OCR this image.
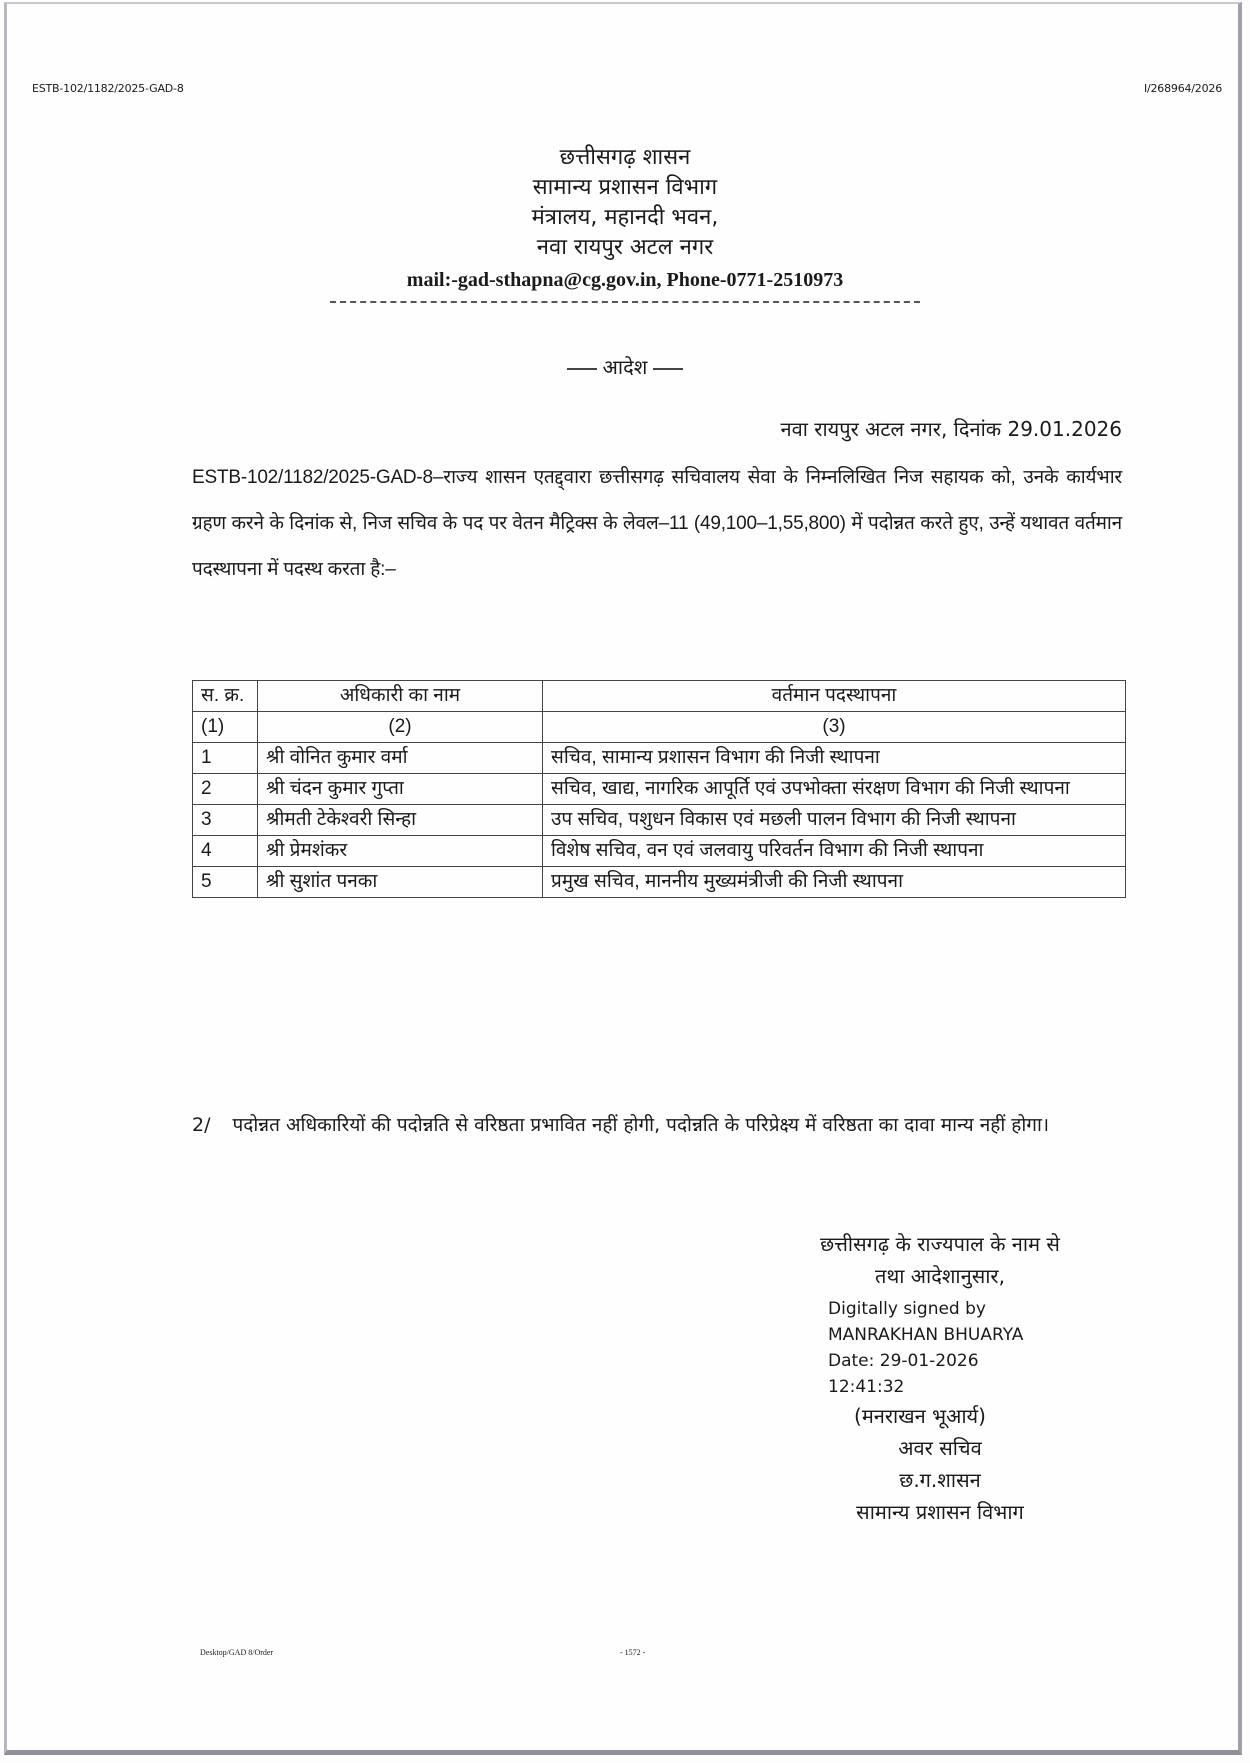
ESTB-102/1182/2025-GAD-8	I/268964/2026
छत्तीसगढ़ शासन
सामान्य प्रशासन विभाग
मंत्रालय, महानदी भवन,
नवा रायपुर अटल नगर
mail:-gad-sthapna@cg.gov.in, Phone-0771-2510973
आदेश
नवा रायपुर अटल नगर, दिनांक 29.01.2026
ESTB-102/1182/2025-GAD-8–राज्य शासन एतद्द्वारा छत्तीसगढ़ सचिवालय सेवा के निम्नलिखित निज सहायक को, उनके कार्यभार ग्रहण करने के दिनांक से, निज सचिव के पद पर वेतन मैट्रिक्स के लेवल–11 (49,100–1,55,800) में पदोन्नत करते हुए, उन्हें यथावत वर्तमान पदस्थापना में पदस्थ करता है:–
स. क्र.	अधिकारी का नाम	वर्तमान पदस्थापना
(1)	(2)	(3)
1	श्री वोनित कुमार वर्मा	सचिव, सामान्य प्रशासन विभाग की निजी स्थापना
2	श्री चंदन कुमार गुप्ता	सचिव, खाद्य, नागरिक आपूर्ति एवं उपभोक्ता संरक्षण विभाग की निजी स्थापना
3	श्रीमती टेकेश्वरी सिन्हा	उप सचिव, पशुधन विकास एवं मछली पालन विभाग की निजी स्थापना
4	श्री प्रेमशंकर	विशेष सचिव, वन एवं जलवायु परिवर्तन विभाग की निजी स्थापना
5	श्री सुशांत पनका	प्रमुख सचिव, माननीय मुख्यमंत्रीजी की निजी स्थापना
2/ पदोन्नत अधिकारियों की पदोन्नति से वरिष्ठता प्रभावित नहीं होगी, पदोन्नति के परिप्रेक्ष्य में वरिष्ठता का दावा मान्य नहीं होगा।
छत्तीसगढ़ के राज्यपाल के नाम से
तथा आदेशानुसार,
Digitally signed by
MANRAKHAN BHUARYA
Date: 29-01-2026
12:41:32
(मनराखन भूआर्य)
अवर सचिव
छ.ग.शासन
सामान्य प्रशासन विभाग
Desktop/GAD 8/Order	- 1572 -
